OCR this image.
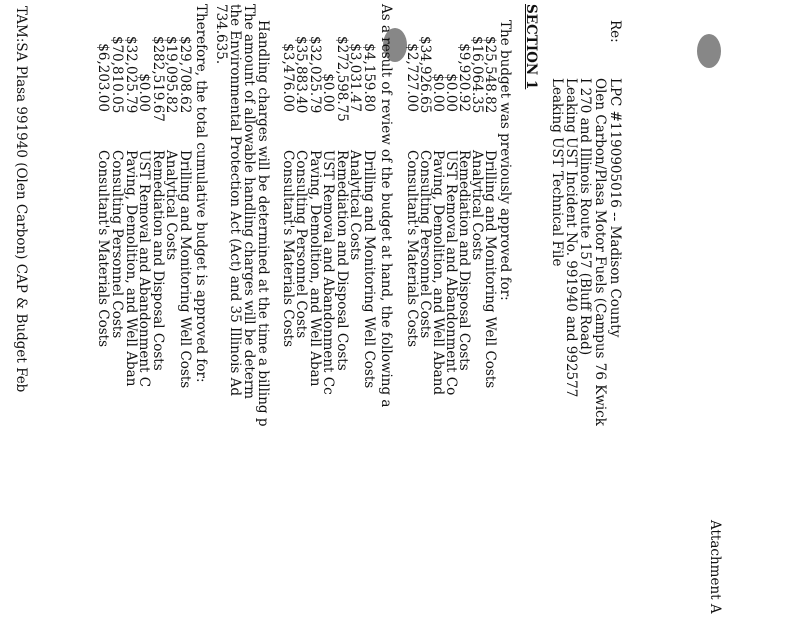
Attachment A
Re:
LPC #1190905016 -- Madison County
Olen Carbon/Plasa Motor Fuels (Campus 76 Kwick
I 270 and Illinois Route 157 (Bluff Road)
Leaking UST Incident No. 991940 and 992577
Leaking UST Technical File
SECTION 1
The budget was previously approved for:
$25,548.82
Drilling and Monitoring Well Costs
$16,064.35
Analytical Costs
$9,920.92
Remediation and Disposal Costs
$0.00
UST Removal and Abandonment Co
$0.00
Paving, Demolition, and Well Aband
$34,926.65
Consulting Personnel Costs
$2,727.00
Consultant's Materials Costs
As a result of review of the budget at hand, the following a
$4,159.80
Drilling and Monitoring Well Costs
$3,031.47
Analytical Costs
$272,598.75
Remediation and Disposal Costs
$0.00
UST Removal and Abandonment Cc
$32,025.79
Paving, Demolition, and Well Aban
$35,883.40
Consulting Personnel Costs
$3,476.00
Consultant's Materials Costs
Handling charges will be determined at the time a billing p
The amount of allowable handling charges will be determ
the Environmental Protection Act (Act) and 35 Illinois Ad
734.635.
Therefore, the total cumulative budget is approved for:
$29,708.62
Drilling and Monitoring Well Costs
$19,095.82
Analytical Costs
$282,519.67
Remediation and Disposal Costs
$0.00
UST Removal and Abandonment C
$32,025.79
Paving, Demolition, and Well Aban
$70,810.05
Consulting Personnel Costs
$6,203.00
Consultant's Materials Costs
TAM:SA Plasa 991940 (Olen Carbon) CAP & Budget Feb
